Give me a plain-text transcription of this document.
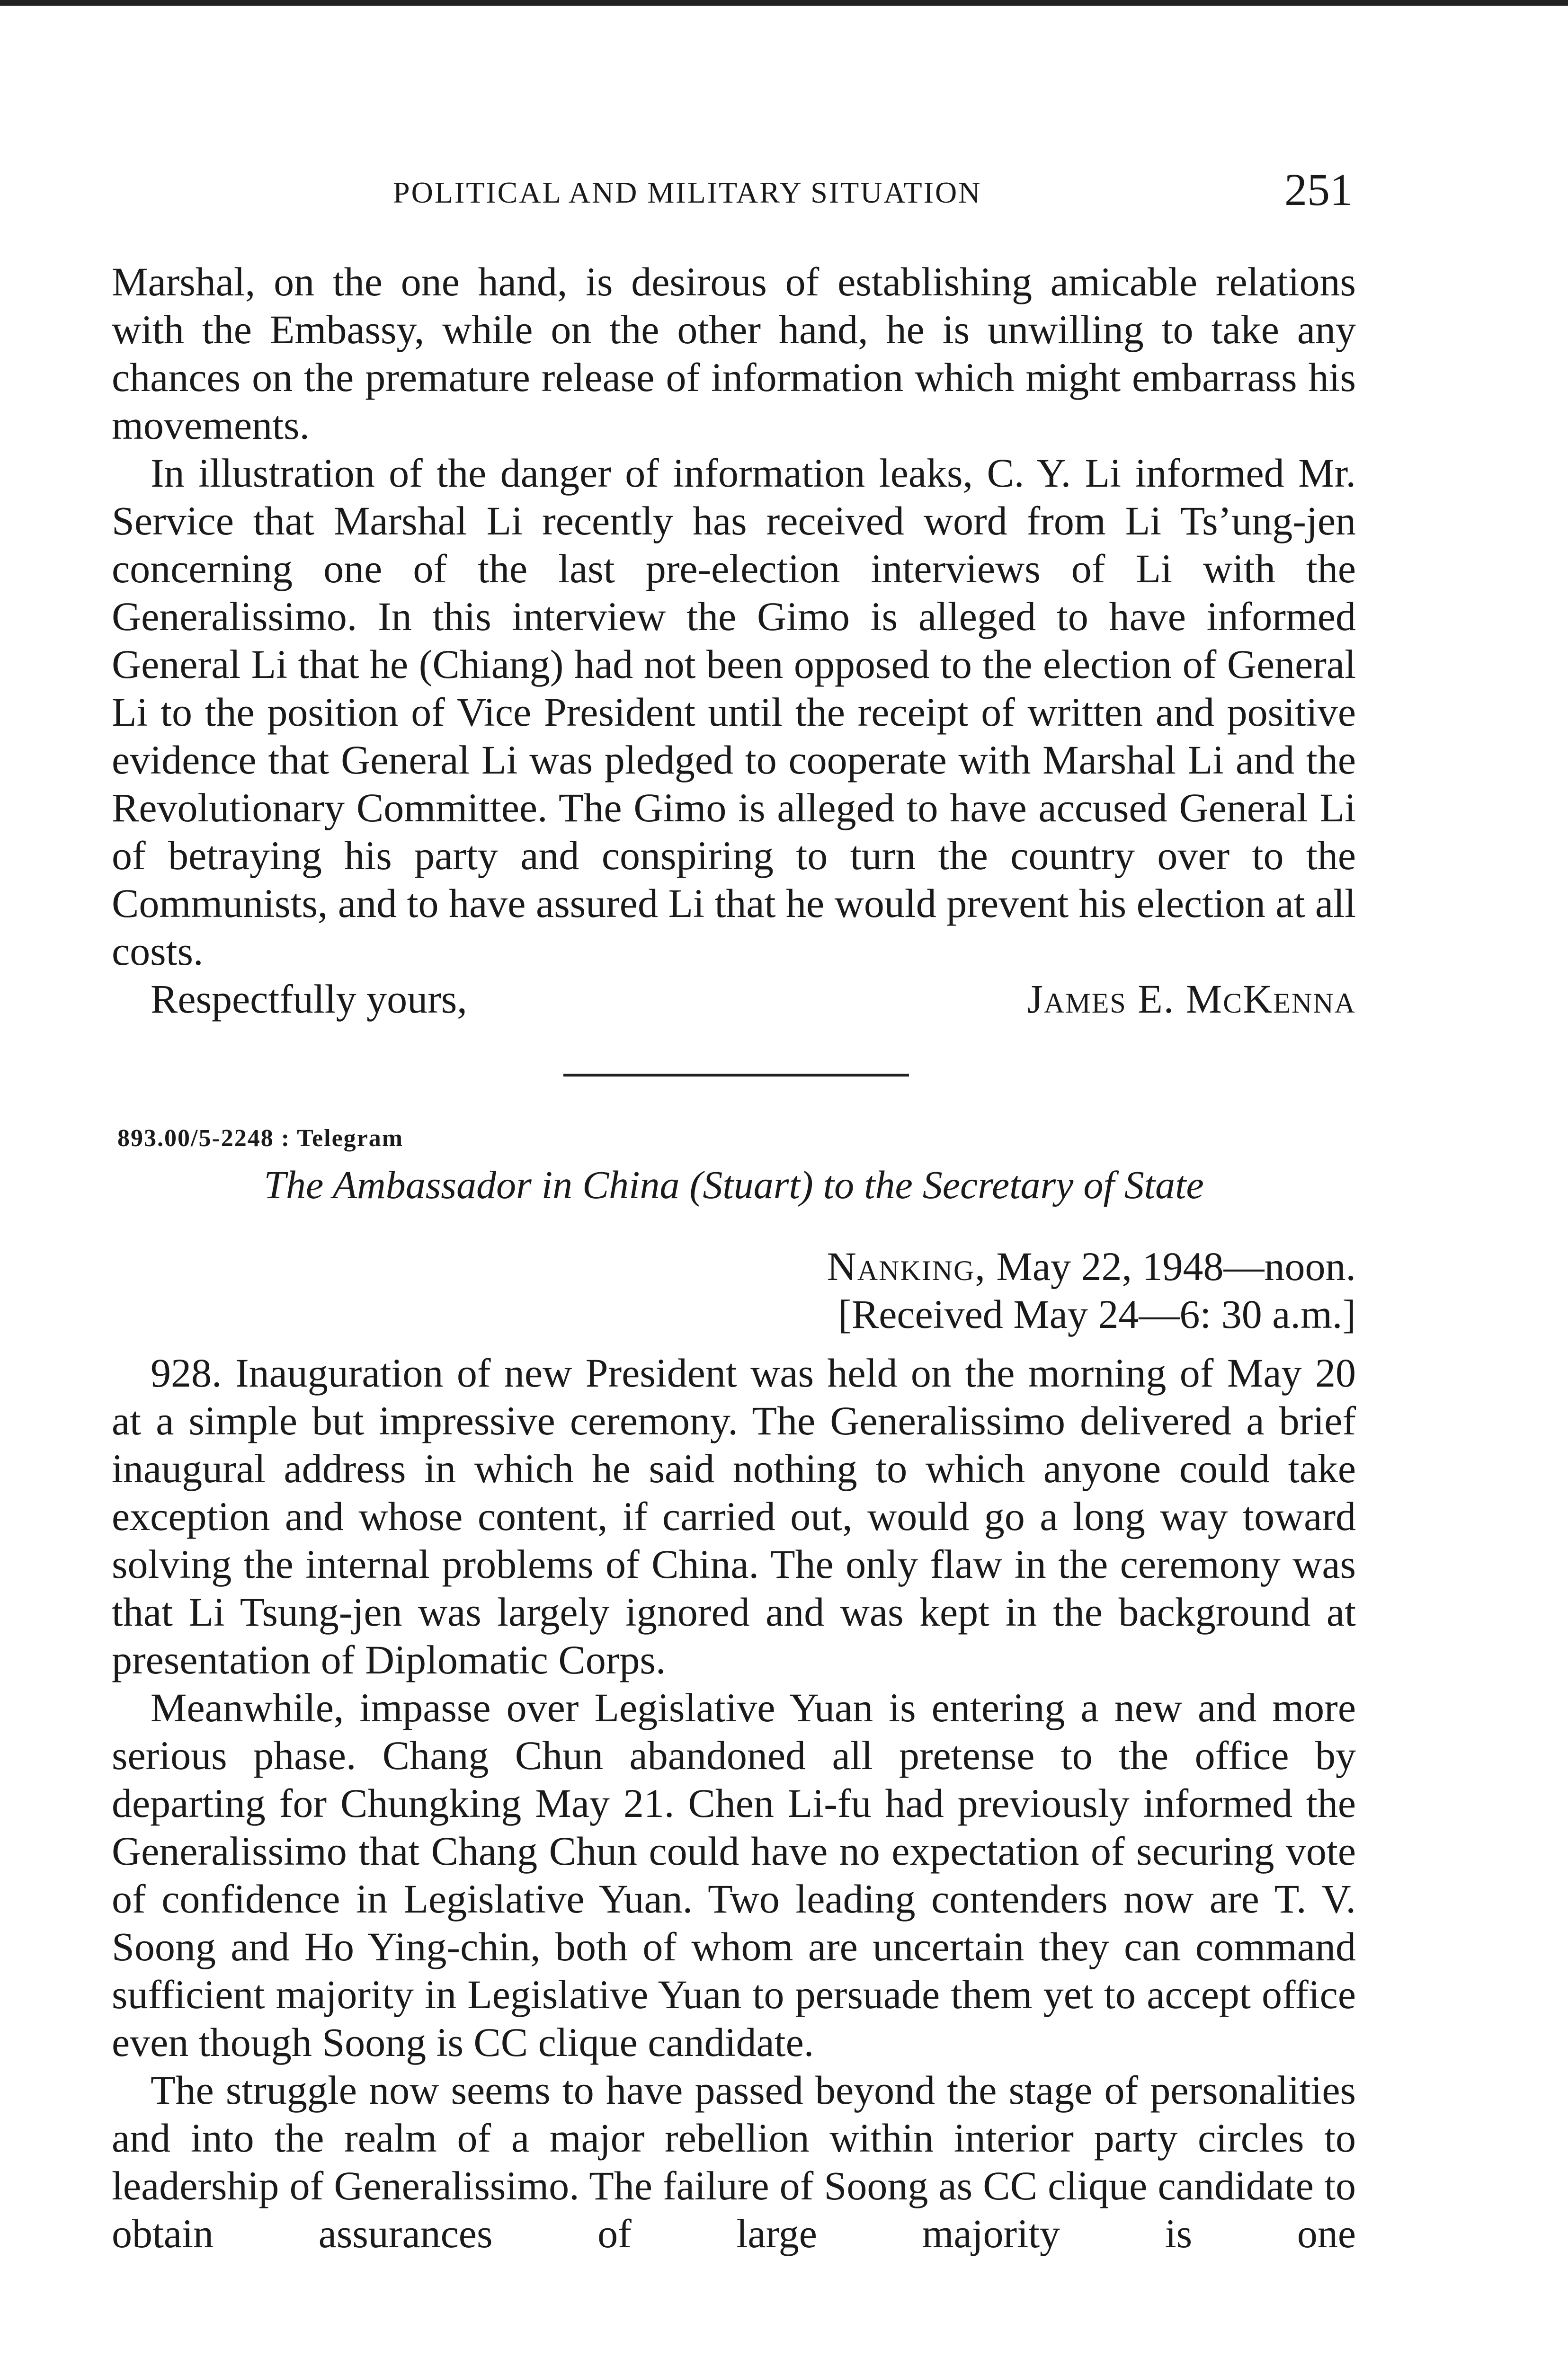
POLITICAL AND MILITARY SITUATION	251

Marshal, on the one hand, is desirous of establishing amicable relations with the Embassy, while on the other hand, he is unwilling to take any chances on the premature release of information which might embarrass his movements.

In illustration of the danger of information leaks, C. Y. Li informed Mr. Service that Marshal Li recently has received word from Li Ts’ung-jen concerning one of the last pre-election interviews of Li with the Generalissimo. In this interview the Gimo is alleged to have informed General Li that he (Chiang) had not been opposed to the election of General Li to the position of Vice President until the receipt of written and positive evidence that General Li was pledged to cooperate with Marshal Li and the Revolutionary Committee. The Gimo is alleged to have accused General Li of betraying his party and conspiring to turn the country over to the Communists, and to have assured Li that he would prevent his election at all costs.

Respectfully yours,	James E. McKenna
893.00/5-2248 : Telegram
The Ambassador in China (Stuart) to the Secretary of State
Nanking, May 22, 1948—noon.
[Received May 24—6: 30 a.m.]

928. Inauguration of new President was held on the morning of May 20 at a simple but impressive ceremony. The Generalissimo delivered a brief inaugural address in which he said nothing to which anyone could take exception and whose content, if carried out, would go a long way toward solving the internal problems of China. The only flaw in the ceremony was that Li Tsung-jen was largely ignored and was kept in the background at presentation of Diplomatic Corps.

Meanwhile, impasse over Legislative Yuan is entering a new and more serious phase. Chang Chun abandoned all pretense to the office by departing for Chungking May 21. Chen Li-fu had previously informed the Generalissimo that Chang Chun could have no expectation of securing vote of confidence in Legislative Yuan. Two leading contenders now are T. V. Soong and Ho Ying-chin, both of whom are uncertain they can command sufficient majority in Legislative Yuan to persuade them yet to accept office even though Soong is CC clique candidate.

The struggle now seems to have passed beyond the stage of personalities and into the realm of a major rebellion within interior party circles to leadership of Generalissimo. The failure of Soong as CC clique candidate to obtain assurances of large majority is one
